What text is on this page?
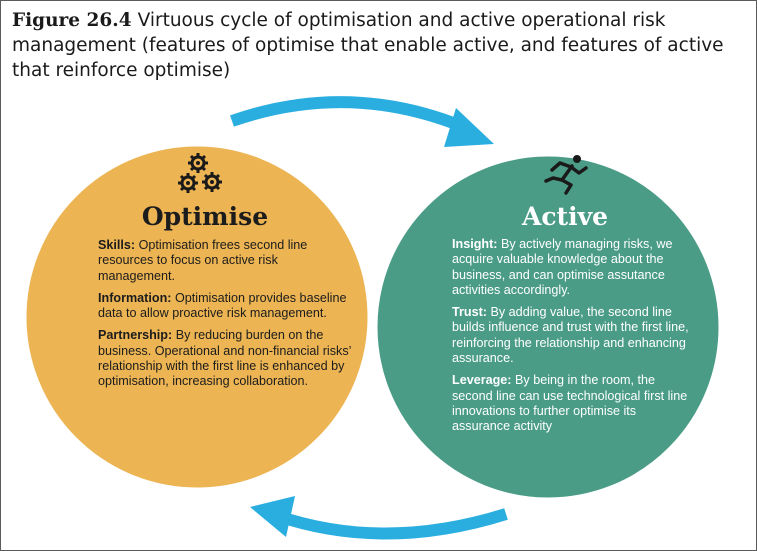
Figure 26.4 Virtuous cycle of optimisation and active operational risk management (features of optimise that enable active, and features of active that reinforce optimise)
Optimise

Skills: Optimisation frees second line resources to focus on active risk management.

Information: Optimisation provides baseline data to allow proactive risk management.

Partnership: By reducing burden on the business. Operational and non-financial risks’ relationship with the first line is enhanced by optimisation, increasing collaboration.

Active

Insight: By actively managing risks, we acquire valuable knowledge about the business, and can optimise assutance activities accordingly.

Trust: By adding value, the second line builds influence and trust with the first line, reinforcing the relationship and enhancing assurance.

Leverage: By being in the room, the second line can use technological first line innovations to further optimise its assurance activity
